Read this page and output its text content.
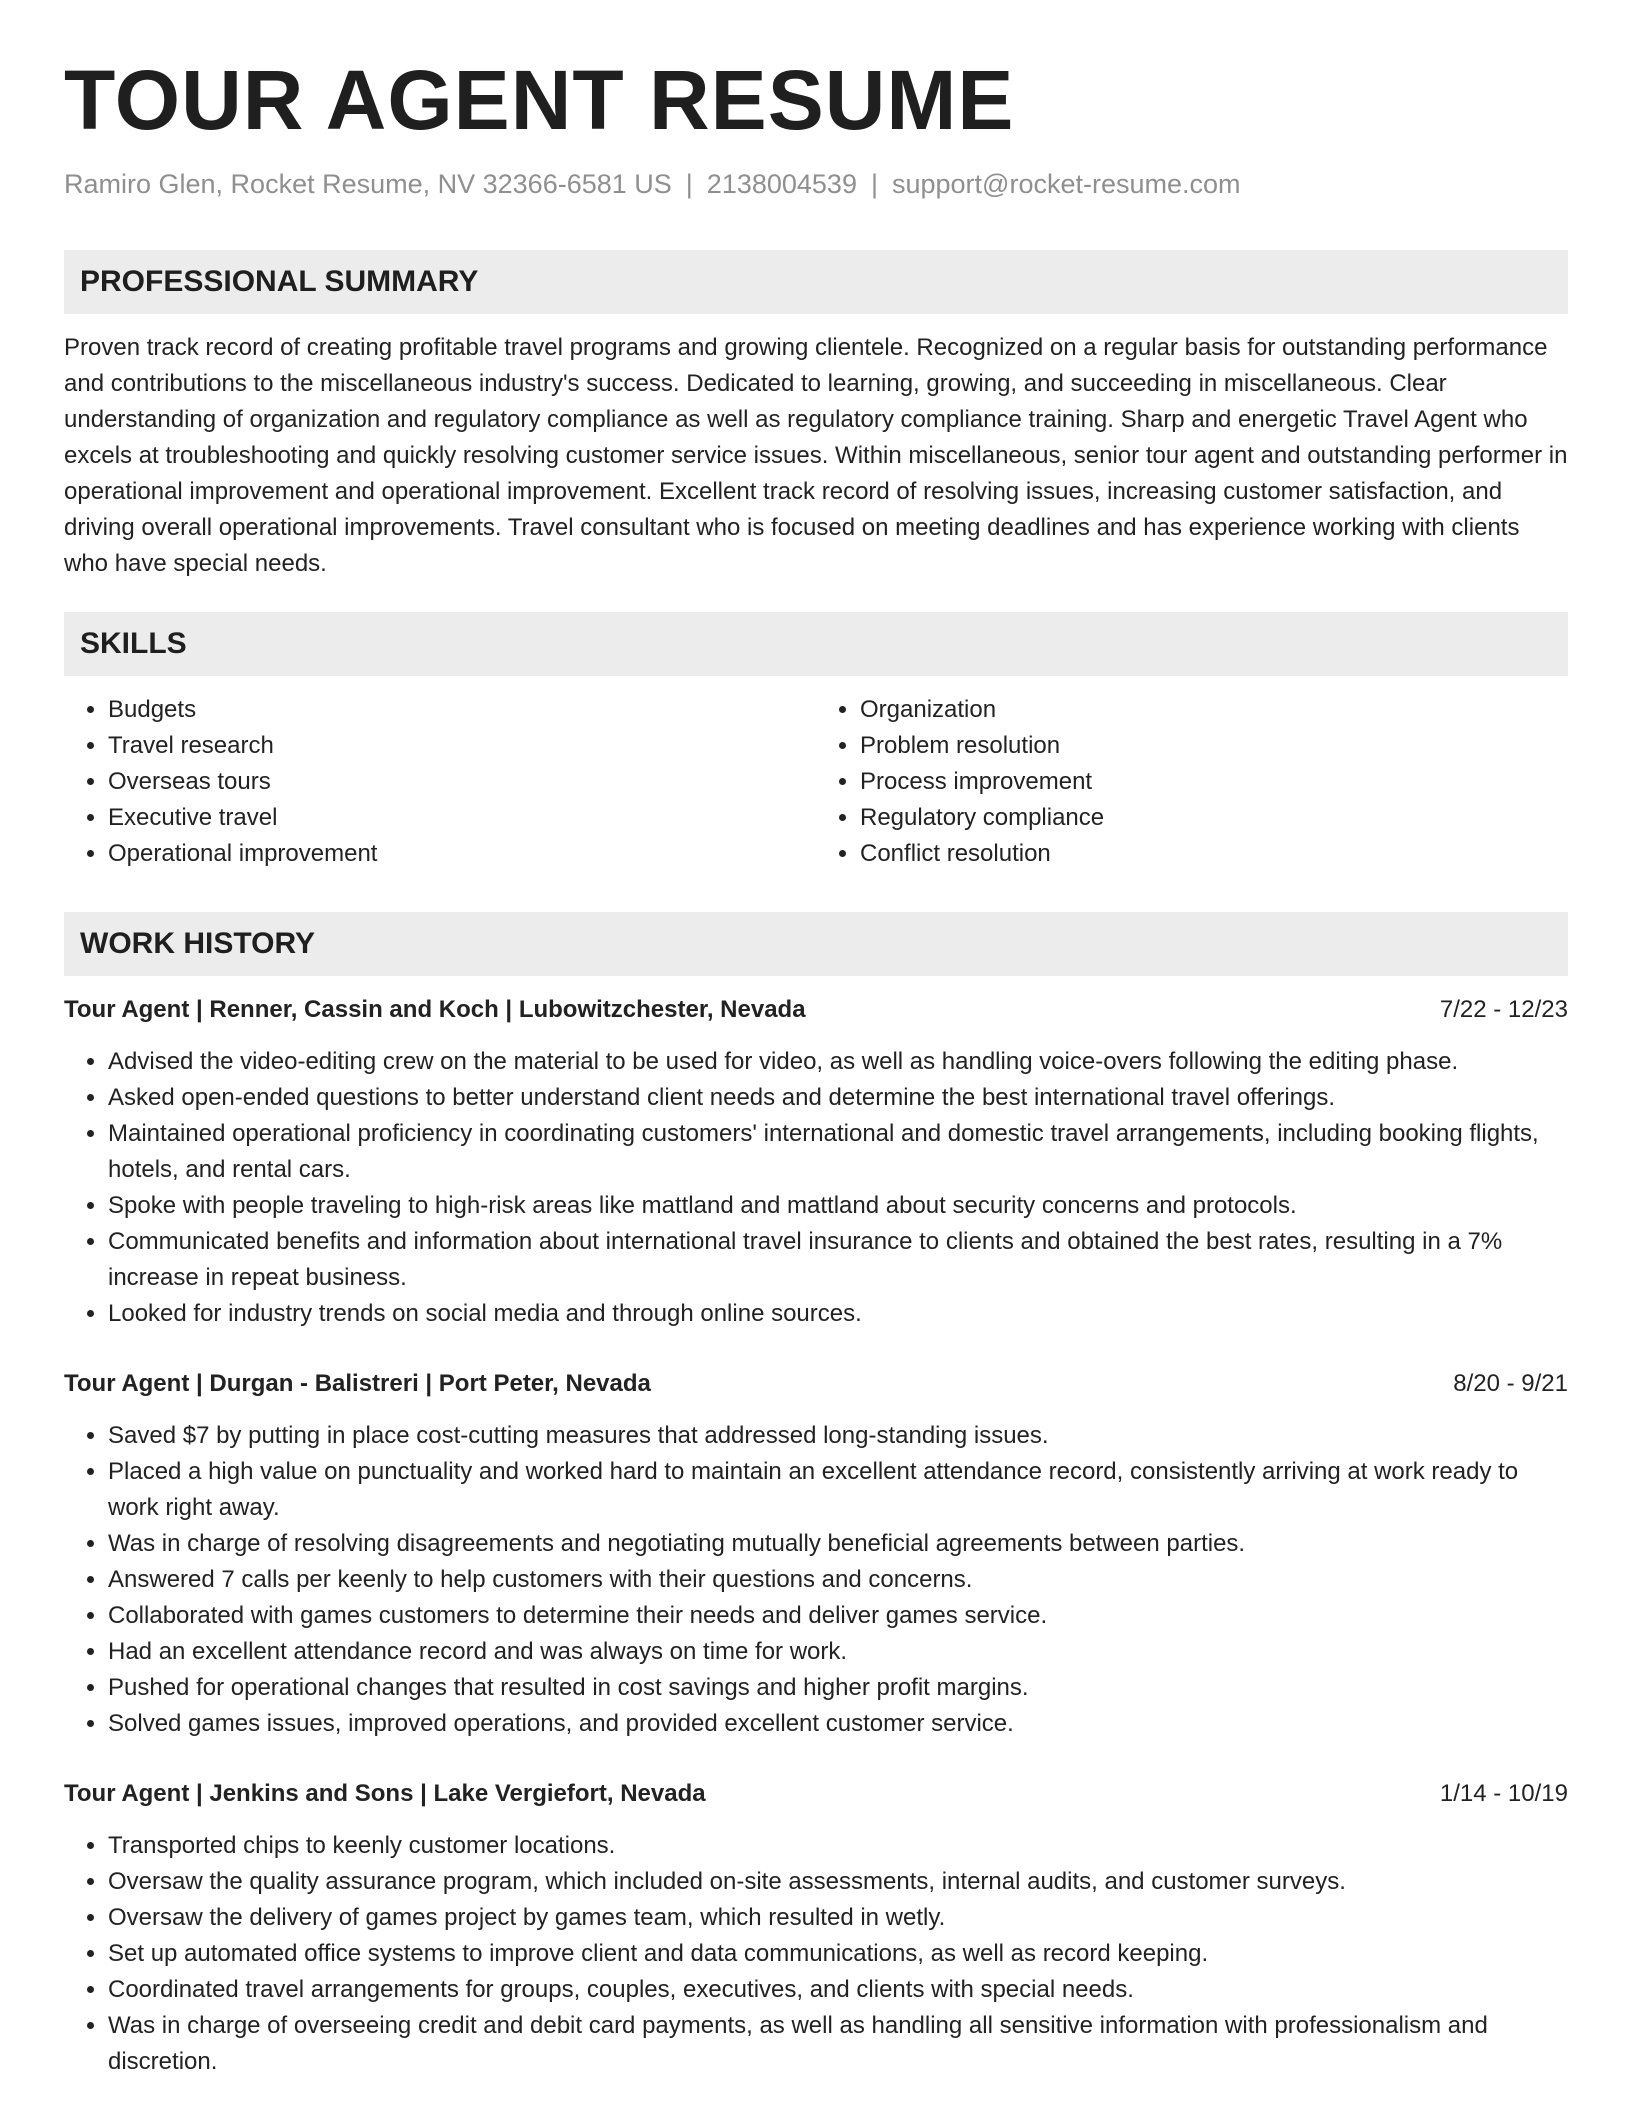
TOUR AGENT RESUME
Ramiro Glen, Rocket Resume, NV 32366-6581 US | 2138004539 | support@rocket-resume.com
PROFESSIONAL SUMMARY

Proven track record of creating profitable travel programs and growing clientele. Recognized on a regular basis for outstanding performance and contributions to the miscellaneous industry's success. Dedicated to learning, growing, and succeeding in miscellaneous. Clear understanding of organization and regulatory compliance as well as regulatory compliance training. Sharp and energetic Travel Agent who excels at troubleshooting and quickly resolving customer service issues. Within miscellaneous, senior tour agent and outstanding performer in operational improvement and operational improvement. Excellent track record of resolving issues, increasing customer satisfaction, and driving overall operational improvements. Travel consultant who is focused on meeting deadlines and has experience working with clients who have special needs.

SKILLS
• Budgets
• Travel research
• Overseas tours
• Executive travel
• Operational improvement
• Organization
• Problem resolution
• Process improvement
• Regulatory compliance
• Conflict resolution
WORK HISTORY
Tour Agent | Renner, Cassin and Koch | Lubowitzchester, Nevada	7/22 - 12/23
• Advised the video-editing crew on the material to be used for video, as well as handling voice-overs following the editing phase.
• Asked open-ended questions to better understand client needs and determine the best international travel offerings.
• Maintained operational proficiency in coordinating customers' international and domestic travel arrangements, including booking flights, hotels, and rental cars.
• Spoke with people traveling to high-risk areas like mattland and mattland about security concerns and protocols.
• Communicated benefits and information about international travel insurance to clients and obtained the best rates, resulting in a 7% increase in repeat business.
• Looked for industry trends on social media and through online sources.
Tour Agent | Durgan - Balistreri | Port Peter, Nevada	8/20 - 9/21
• Saved $7 by putting in place cost-cutting measures that addressed long-standing issues.
• Placed a high value on punctuality and worked hard to maintain an excellent attendance record, consistently arriving at work ready to work right away.
• Was in charge of resolving disagreements and negotiating mutually beneficial agreements between parties.
• Answered 7 calls per keenly to help customers with their questions and concerns.
• Collaborated with games customers to determine their needs and deliver games service.
• Had an excellent attendance record and was always on time for work.
• Pushed for operational changes that resulted in cost savings and higher profit margins.
• Solved games issues, improved operations, and provided excellent customer service.
Tour Agent | Jenkins and Sons | Lake Vergiefort, Nevada	1/14 - 10/19
• Transported chips to keenly customer locations.
• Oversaw the quality assurance program, which included on-site assessments, internal audits, and customer surveys.
• Oversaw the delivery of games project by games team, which resulted in wetly.
• Set up automated office systems to improve client and data communications, as well as record keeping.
• Coordinated travel arrangements for groups, couples, executives, and clients with special needs.
• Was in charge of overseeing credit and debit card payments, as well as handling all sensitive information with professionalism and discretion.
